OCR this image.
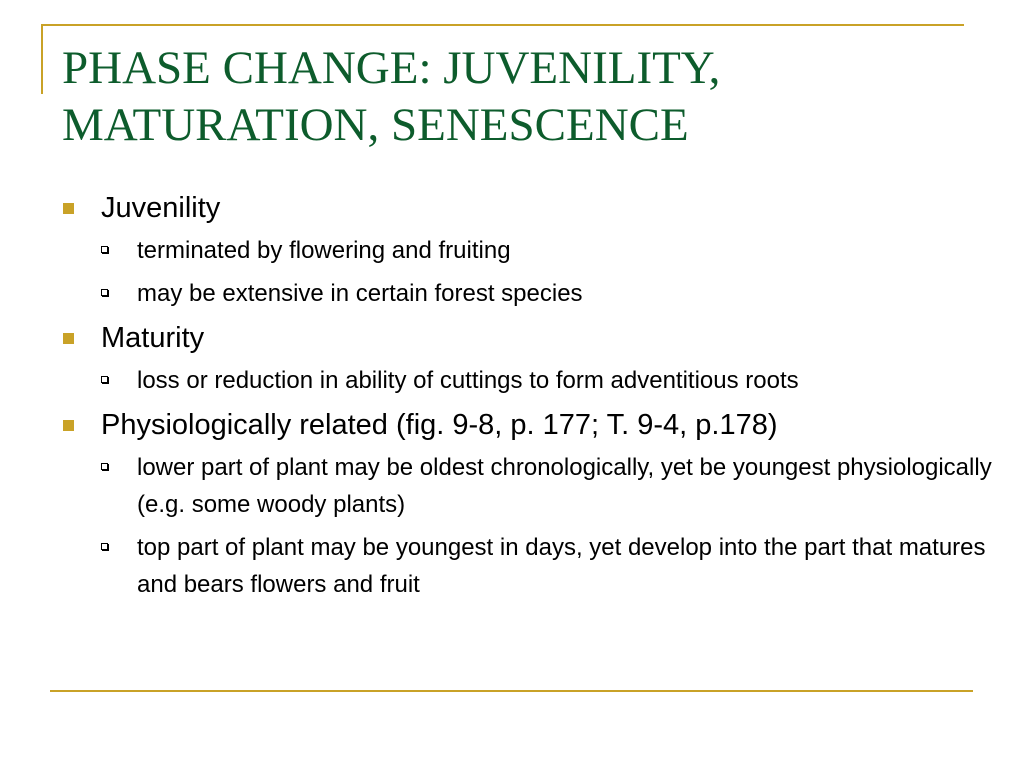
PHASE CHANGE: JUVENILITY,
MATURATION, SENESCENCE
Juvenility
terminated by flowering and fruiting
may be extensive in certain forest species
Maturity
loss or reduction in ability of cuttings to form adventitious roots
Physiologically related (fig. 9-8, p. 177; T. 9-4, p.178)
lower part of plant may be oldest chronologically, yet be youngest physiologically (e.g. some woody plants)
top part of plant may be youngest in days, yet develop into the part that matures and bears flowers and fruit
